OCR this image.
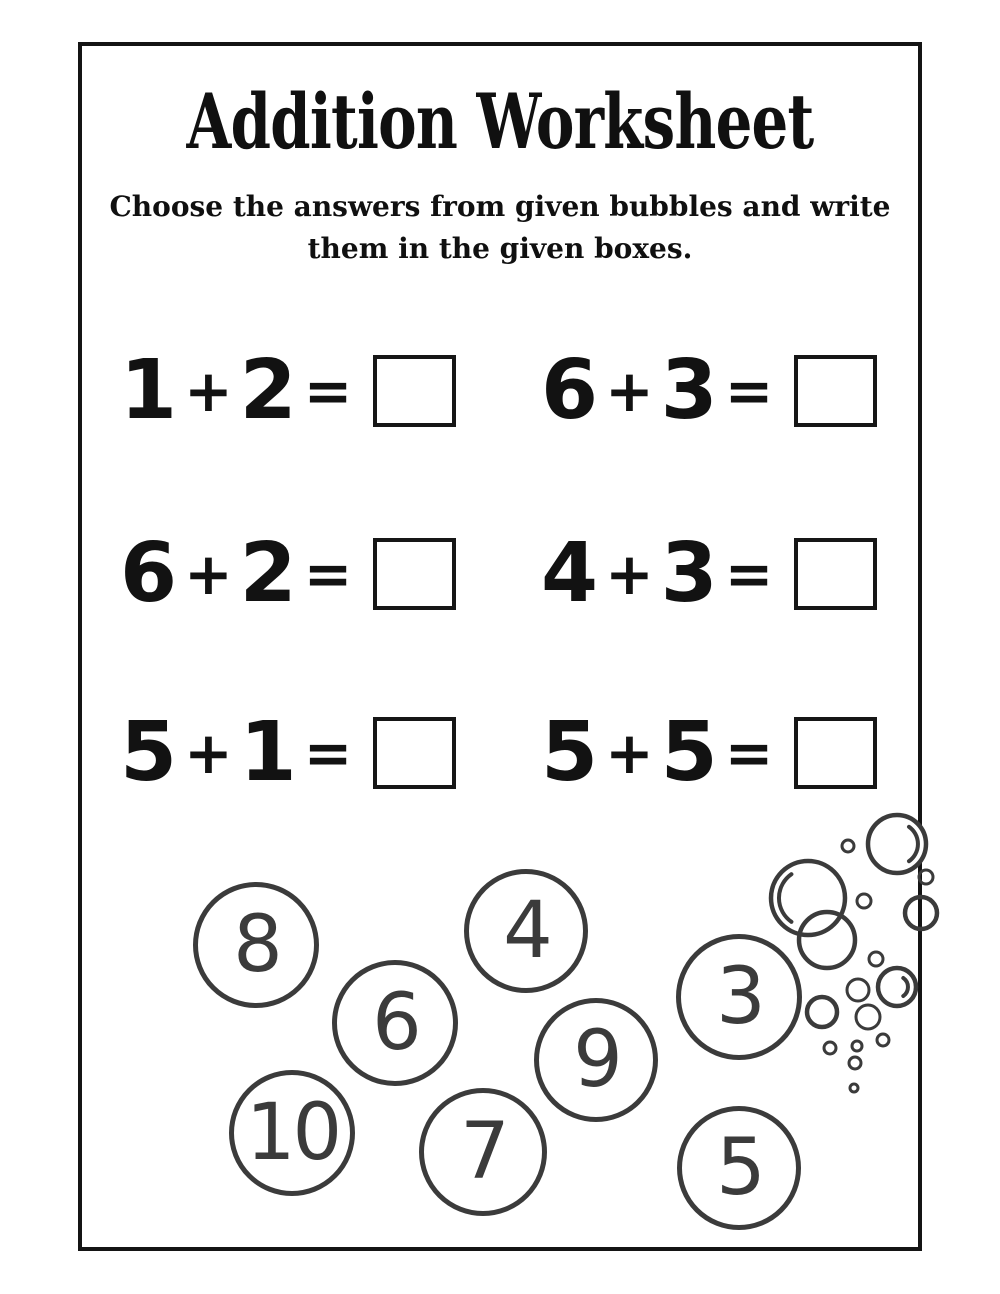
Addition Worksheet
Choose the answers from given bubbles and write
them in the given boxes.
1 + 2 = 6 + 3 =
6 + 2 = 4 + 3 =
5 + 1 = 5 + 5 =
8	4
6	3
9
10 7	5
